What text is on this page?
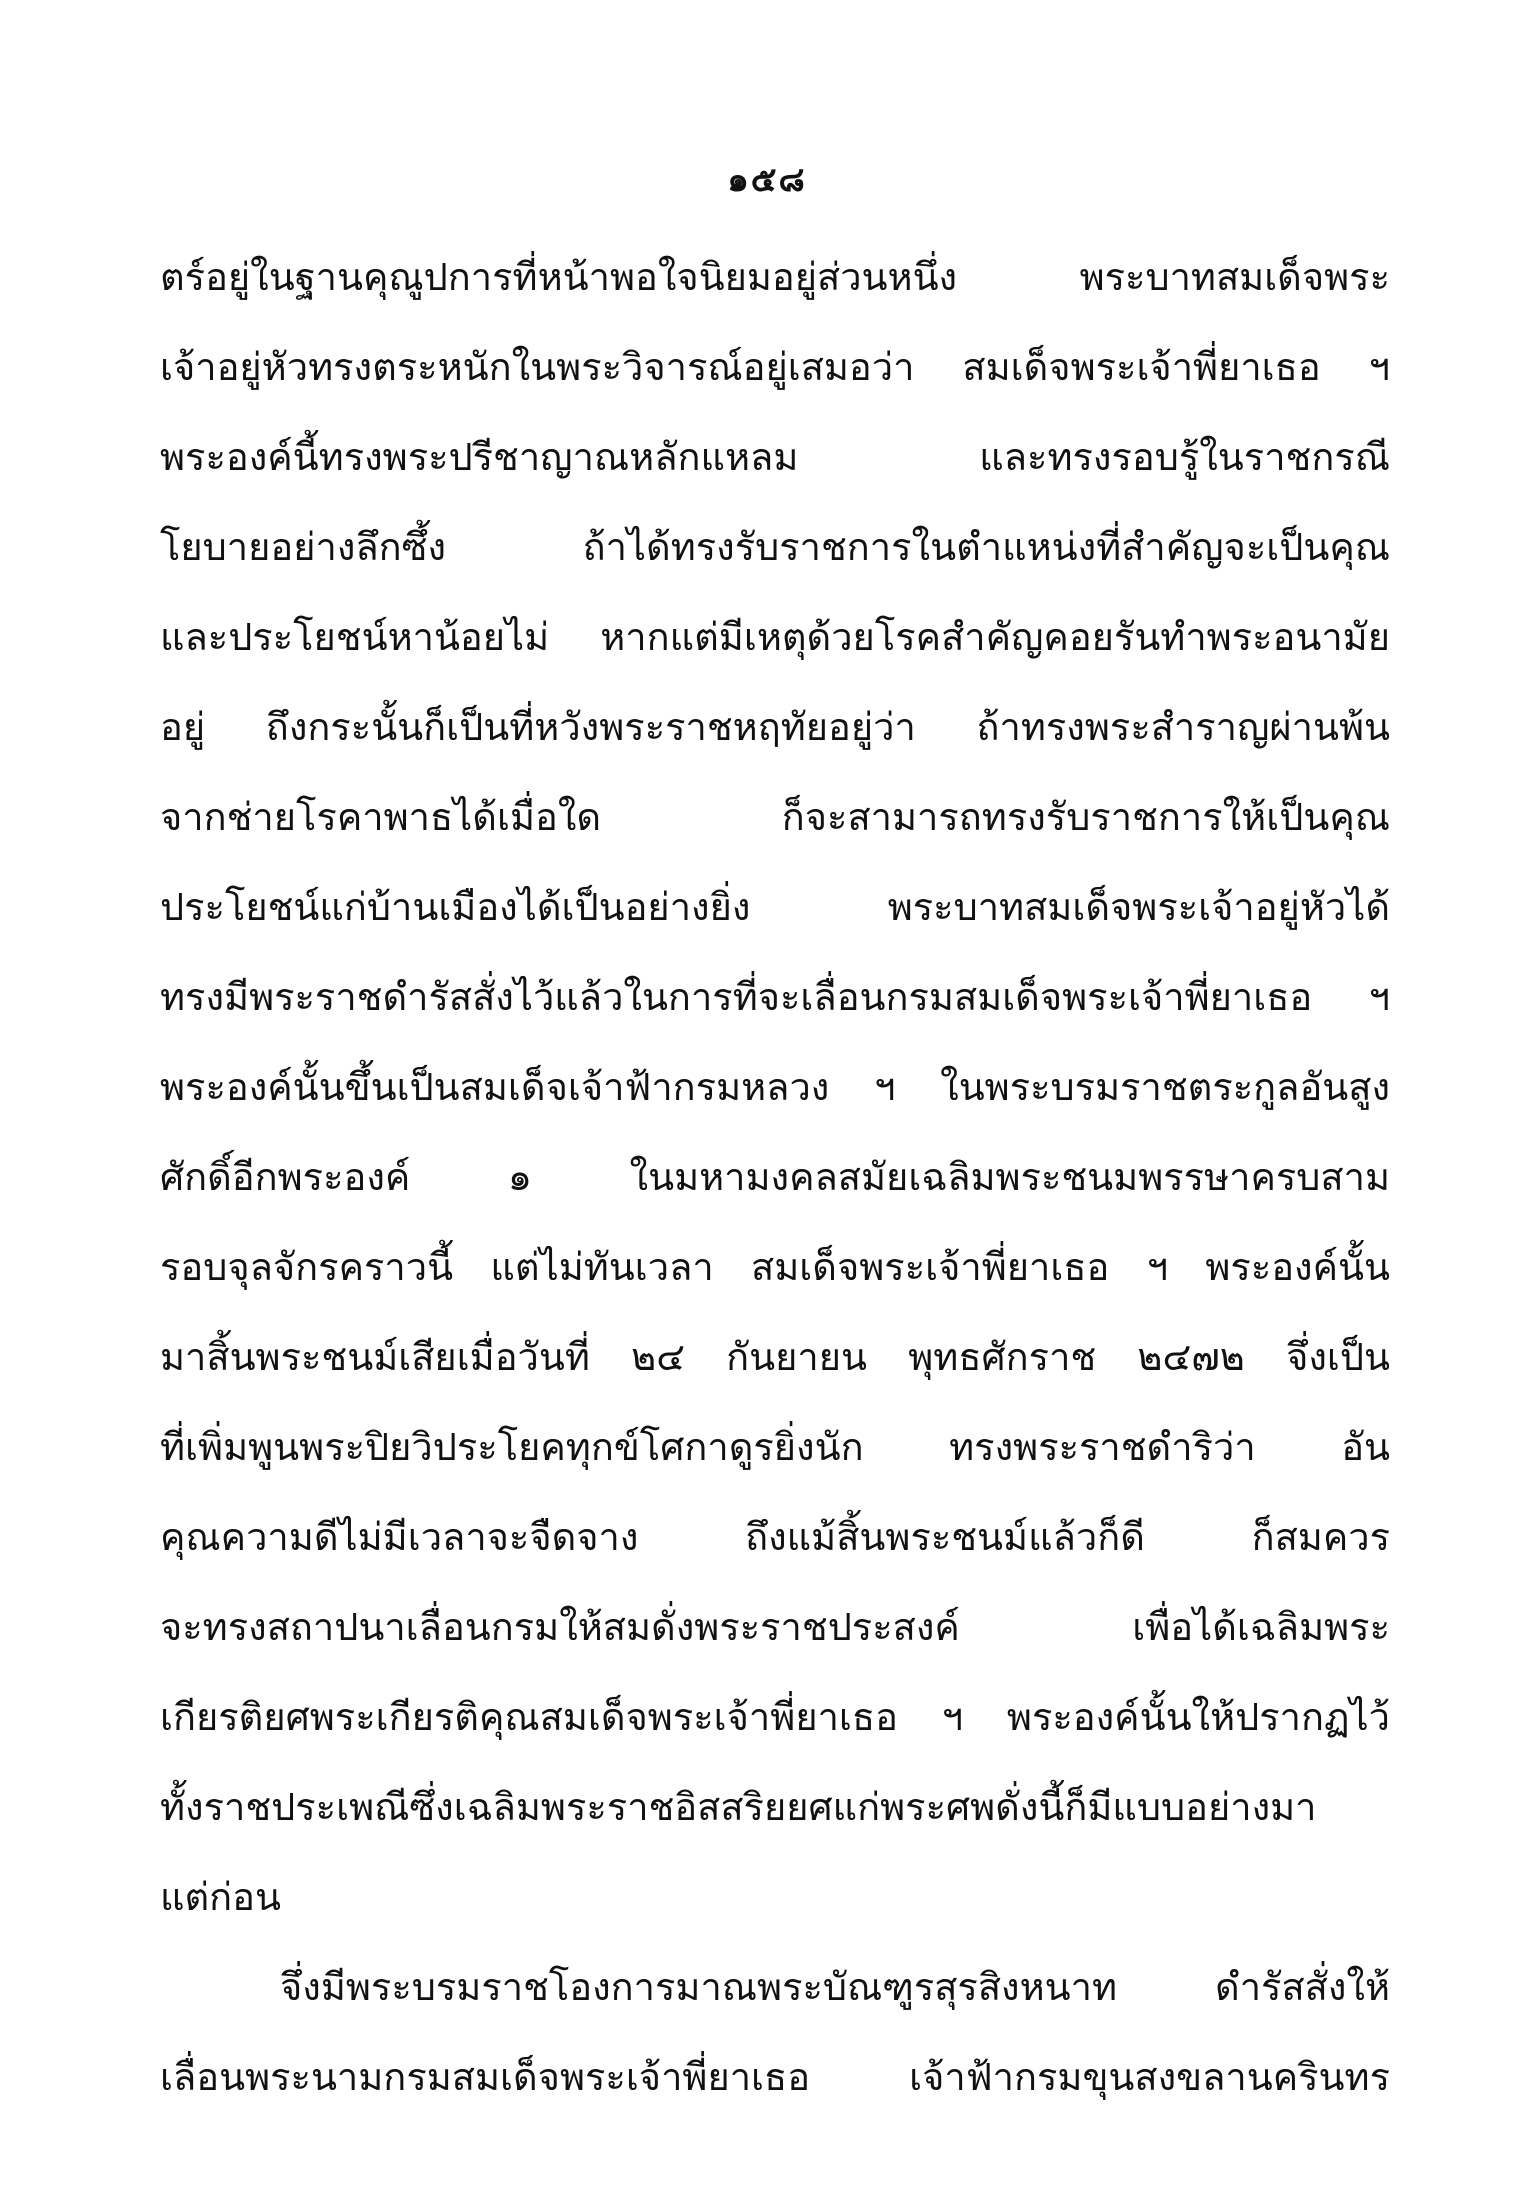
๑๕๘
ตร์อยู่ในฐานคุณูปการที่หน้าพอใจนิยมอยู่ส่วนหนึ่ง พระบาทสมเด็จพระ
เจ้าอยู่หัวทรงตระหนักในพระวิจารณ์อยู่เสมอว่า สมเด็จพระเจ้าพี่ยาเธอ ฯ
พระองค์นี้ทรงพระปรีชาญาณหลักแหลม และทรงรอบรู้ในราชกรณี
โยบายอย่างลึกซึ้ง ถ้าได้ทรงรับราชการในตำแหน่งที่สำคัญจะเป็นคุณ
และประโยชน์หาน้อยไม่ หากแต่มีเหตุด้วยโรคสำคัญคอยรันทำพระอนามัย
อยู่ ถึงกระนั้นก็เป็นที่หวังพระราชหฤทัยอยู่ว่า ถ้าทรงพระสำราญผ่านพ้น
จากช่ายโรคาพาธได้เมื่อใด ก็จะสามารถทรงรับราชการให้เป็นคุณ
ประโยชน์แก่บ้านเมืองได้เป็นอย่างยิ่ง พระบาทสมเด็จพระเจ้าอยู่หัวได้
ทรงมีพระราชดำรัสสั่งไว้แล้วในการที่จะเลื่อนกรมสมเด็จพระเจ้าพี่ยาเธอ ฯ
พระองค์นั้นขึ้นเป็นสมเด็จเจ้าฟ้ากรมหลวง ฯ ในพระบรมราชตระกูลอันสูง
ศักดิ์อีกพระองค์ ๑ ในมหามงคลสมัยเฉลิมพระชนมพรรษาครบสาม
รอบจุลจักรคราวนี้ แต่ไม่ทันเวลา สมเด็จพระเจ้าพี่ยาเธอ ฯ พระองค์นั้น
มาสิ้นพระชนม์เสียเมื่อวันที่ ๒๔ กันยายน พุทธศักราช ๒๔๗๒ จึ่งเป็น
ที่เพิ่มพูนพระปิยวิประโยคทุกข์โศกาดูรยิ่งนัก ทรงพระราชดำริว่า อัน
คุณความดีไม่มีเวลาจะจืดจาง ถึงแม้สิ้นพระชนม์แล้วก็ดี ก็สมควร
จะทรงสถาปนาเลื่อนกรมให้สมดั่งพระราชประสงค์ เพื่อได้เฉลิมพระ
เกียรติยศพระเกียรติคุณสมเด็จพระเจ้าพี่ยาเธอ ฯ พระองค์นั้นให้ปรากฏไว้
ทั้งราชประเพณีซึ่งเฉลิมพระราชอิสสริยยศแก่พระศพดั่งนี้ก็มีแบบอย่างมา
แต่ก่อน
จึ่งมีพระบรมราชโองการมาณพระบัณฑูรสุรสิงหนาท ดำรัสสั่งให้
เลื่อนพระนามกรมสมเด็จพระเจ้าพี่ยาเธอ เจ้าฟ้ากรมขุนสงขลานครินทร
